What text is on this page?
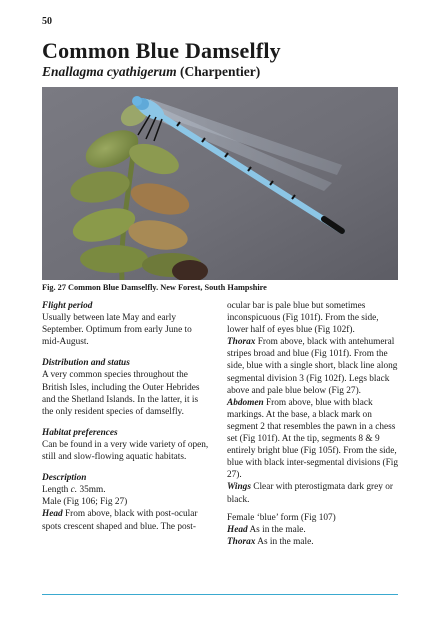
50
Common Blue Damselfly
Enallagma cyathigerum (Charpentier)
Fig. 27 Common Blue Damselfly. New Forest, South Hampshire

Flight period

Usually between late May and early September. Optimum from early June to mid-August.

Distribution and status

A very common species throughout the British Isles, including the Outer Hebrides and the Shetland Islands. In the latter, it is the only resident species of damselfly.

Habitat preferences

Can be found in a very wide variety of open, still and slow-flowing aquatic habitats.

Description

Length c. 35mm.

Male (Fig 106; Fig 27)

Head From above, black with post-ocular spots crescent shaped and blue. The post-

ocular bar is pale blue but sometimes inconspicuous (Fig 101f). From the side, lower half of eyes blue (Fig 102f).

Thorax From above, black with antehumeral stripes broad and blue (Fig 101f). From the side, blue with a single short, black line along segmental division 3 (Fig 102f). Legs black above and pale blue below (Fig 27).

Abdomen From above, blue with black markings. At the base, a black mark on segment 2 that resembles the pawn in a chess set (Fig 101f). At the tip, segments 8 & 9 entirely bright blue (Fig 105f). From the side, blue with black inter-segmental divisions (Fig 27).

Wings Clear with pterostigmata dark grey or black.

Female ‘blue’ form (Fig 107)

Head As in the male.

Thorax As in the male.
